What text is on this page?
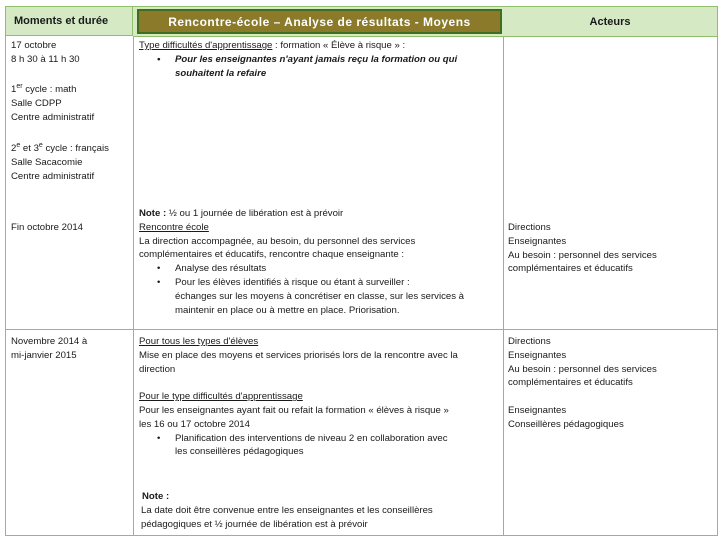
Moments et durée	Acteurs
Rencontre-école – Analyse de résultats - Moyens
17 octobre
8 h 30 à 11 h 30
1er cycle : math
Salle CDPP
Centre administratif
2e et 3e cycle : français
Salle Sacacomie
Centre administratif
Fin octobre 2014
Type difficultés d'apprentissage : formation « Élève à risque » :
• Pour les enseignantes n'ayant jamais reçu la formation ou qui
souhaitent la refaire
Note : ½ ou 1 journée de libération est à prévoir
Rencontre école
La direction accompagnée, au besoin, du personnel des services
complémentaires et éducatifs, rencontre chaque enseignante :
• Analyse des résultats
• Pour les élèves identifiés à risque ou étant à surveiller :
échanges sur les moyens à concrétiser en classe, sur les services à
maintenir en place ou à mettre en place. Priorisation.
Directions
Enseignantes
Au besoin : personnel des services
complémentaires et éducatifs
Novembre 2014 à
mi-janvier 2015
Pour tous les types d'élèves
Mise en place des moyens et services priorisés lors de la rencontre avec la
direction
Pour le type difficultés d'apprentissage
Pour les enseignantes ayant fait ou refait la formation « élèves à risque »
les 16 ou 17 octobre 2014
• Planification des interventions de niveau 2 en collaboration avec
les conseillères pédagogiques
Note :
La date doit être convenue entre les enseignantes et les conseillères
pédagogiques et ½ journée de libération est à prévoir
Directions
Enseignantes
Au besoin : personnel des services
complémentaires et éducatifs
Enseignantes
Conseillères pédagogiques
